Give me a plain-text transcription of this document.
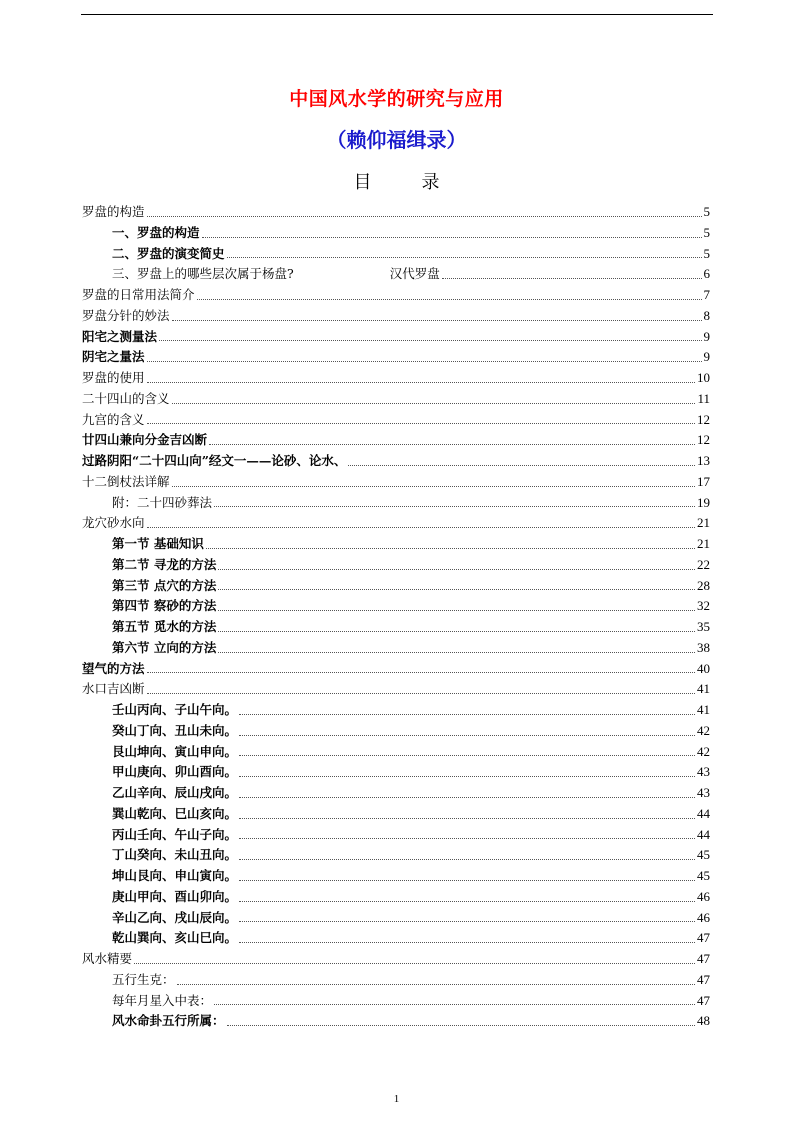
中国风水学的研究与应用
（赖仰福缉录）
目	录
罗盘的构造	5
一、罗盘的构造	5
二、罗盘的演变简史	5
三、罗盘上的哪些层次属于杨盘?	汉代罗盘	6
罗盘的日常用法简介	7
罗盘分针的妙法	8
阳宅之测量法	9
阴宅之量法	9
罗盘的使用	10
二十四山的含义	11
九宫的含义	12
廿四山兼向分金吉凶断	12
过路阴阳“二十四山向”经文一——论砂、论水、	13
十二倒杖法详解	17
附：二十四砂葬法	19
龙穴砂水向	21
第一节 基础知识	21
第二节 寻龙的方法	22
第三节 点穴的方法	28
第四节 察砂的方法	32
第五节 觅水的方法	35
第六节 立向的方法	38
望气的方法	40
水口吉凶断	41
壬山丙向、子山午向。	41
癸山丁向、丑山未向。	42
艮山坤向、寅山申向。	42
甲山庚向、卯山酉向。	43
乙山辛向、辰山戌向。	43
巽山乾向、巳山亥向。	44
丙山壬向、午山子向。	44
丁山癸向、未山丑向。	45
坤山艮向、申山寅向。	45
庚山甲向、酉山卯向。	46
辛山乙向、戌山辰向。	46
乾山巽向、亥山巳向。	47
风水精要	47
五行生克：	47
每年月星入中表：	47
风水命卦五行所属：	48
1
